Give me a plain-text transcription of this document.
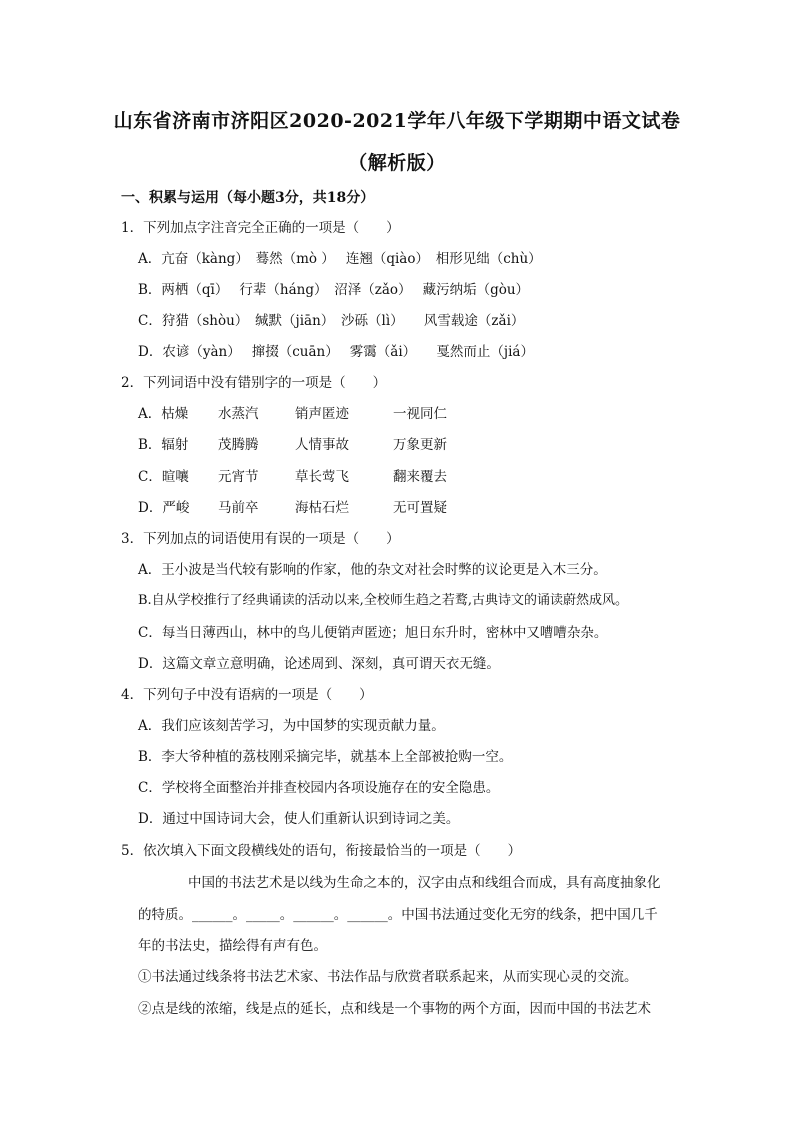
山东省济南市济阳区2020-2021学年八年级下学期期中语文试卷
（解析版）
一、积累与运用（每小题3分，共18分）
1．下列加点字注音完全正确的一项是（　　）
A．亢奋（kàng）　蓦然（mò ）　 连翘（qiào）　相形见绌（chù）
B．两栖（qī）　 行辈（háng）　沼泽（zǎo）　 藏污纳垢（gòu）
C．狩猎（shòu）　缄默（jiān）　沙砾（lì）　　风雪载途（zǎi）
D．农谚（yàn）　 撺掇（cuān）　 雾霭（ǎi）　　戛然而止（jiá）
2．下列词语中没有错别字的一项是（　　）
A．枯燥 水蒸汽	销声匿迹	一视同仁
B．辐射 茂腾腾	人情事故	万象更新
C．暄嚷 元宵节	草长莺飞	翻来覆去
D．严峻 马前卒	海枯石烂	无可置疑
3．下列加点的词语使用有误的一项是（　　）
A．王小波是当代较有影响的作家，他的杂文对社会时弊的议论更是入木三分。
B.自从学校推行了经典诵读的活动以来,全校师生趋之若鹜,古典诗文的诵读蔚然成风。
C．每当日薄西山，林中的鸟儿便销声匿迹；旭日东升时，密林中又嘈嘈杂杂。
D．这篇文章立意明确，论述周到、深刻，真可谓天衣无缝。
4．下列句子中没有语病的一项是（　　）
A．我们应该刻苦学习，为中国梦的实现贡献力量。
B．李大爷种植的荔枝刚采摘完毕，就基本上全部被抢购一空。
C．学校将全面整治并排查校园内各项设施存在的安全隐患。
D．通过中国诗词大会，使人们重新认识到诗词之美。
5．依次填入下面文段横线处的语句，衔接最恰当的一项是（　　）
中国的书法艺术是以线为生命之本的，汉字由点和线组合而成，具有高度抽象化
的特质。______。_____。______。______。中国书法通过变化无穷的线条，把中国几千
年的书法史，描绘得有声有色。
①书法通过线条将书法艺术家、书法作品与欣赏者联系起来，从而实现心灵的交流。
②点是线的浓缩，线是点的延长，点和线是一个事物的两个方面，因而中国的书法艺术
